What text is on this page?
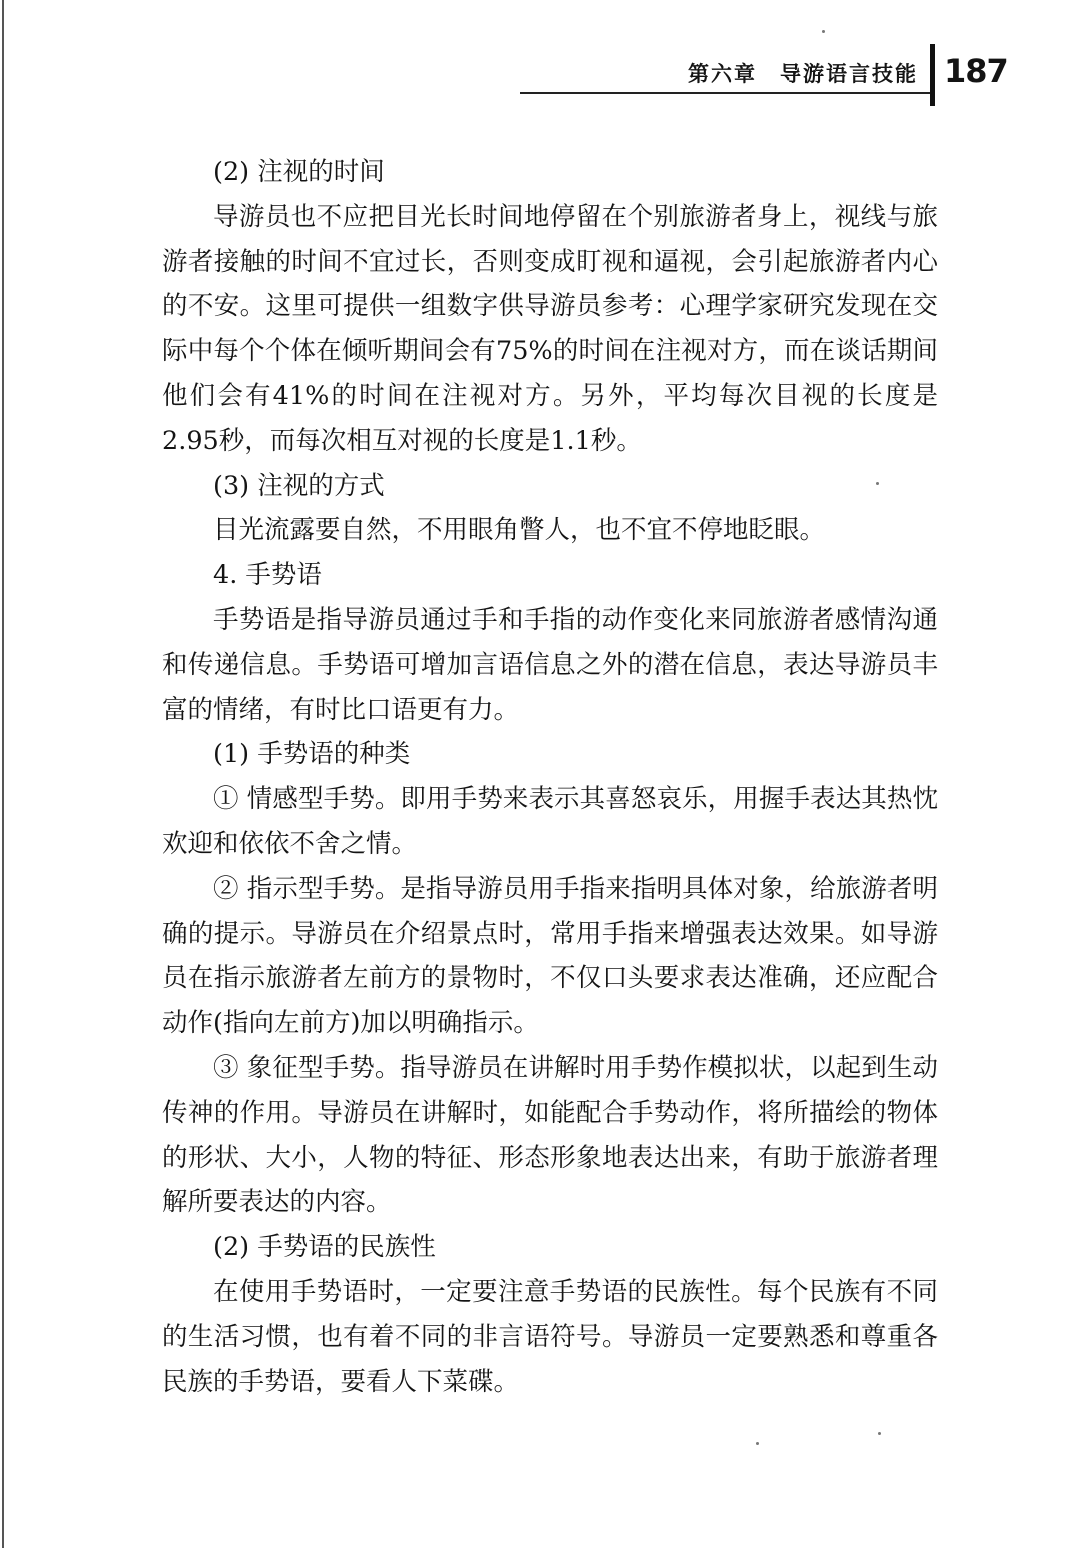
第六章　导游语言技能 187

(2) 注视的时间

导游员也不应把目光长时间地停留在个别旅游者身上，视线与旅游者接触的时间不宜过长，否则变成盯视和逼视，会引起旅游者内心的不安。这里可提供一组数字供导游员参考：心理学家研究发现在交际中每个个体在倾听期间会有75%的时间在注视对方，而在谈话期间他们会有41%的时间在注视对方。另外，平均每次目视的长度是2.95秒，而每次相互对视的长度是1.1秒。

(3) 注视的方式

目光流露要自然，不用眼角瞥人，也不宜不停地眨眼。

4. 手势语

手势语是指导游员通过手和手指的动作变化来同旅游者感情沟通和传递信息。手势语可增加言语信息之外的潜在信息，表达导游员丰富的情绪，有时比口语更有力。

(1) 手势语的种类

① 情感型手势。即用手势来表示其喜怒哀乐，用握手表达其热忱欢迎和依依不舍之情。

② 指示型手势。是指导游员用手指来指明具体对象，给旅游者明确的提示。导游员在介绍景点时，常用手指来增强表达效果。如导游员在指示旅游者左前方的景物时，不仅口头要求表达准确，还应配合动作(指向左前方)加以明确指示。

③ 象征型手势。指导游员在讲解时用手势作模拟状，以起到生动传神的作用。导游员在讲解时，如能配合手势动作，将所描绘的物体的形状、大小，人物的特征、形态形象地表达出来，有助于旅游者理解所要表达的内容。

(2) 手势语的民族性

在使用手势语时，一定要注意手势语的民族性。每个民族有不同的生活习惯，也有着不同的非言语符号。导游员一定要熟悉和尊重各民族的手势语，要看人下菜碟。
